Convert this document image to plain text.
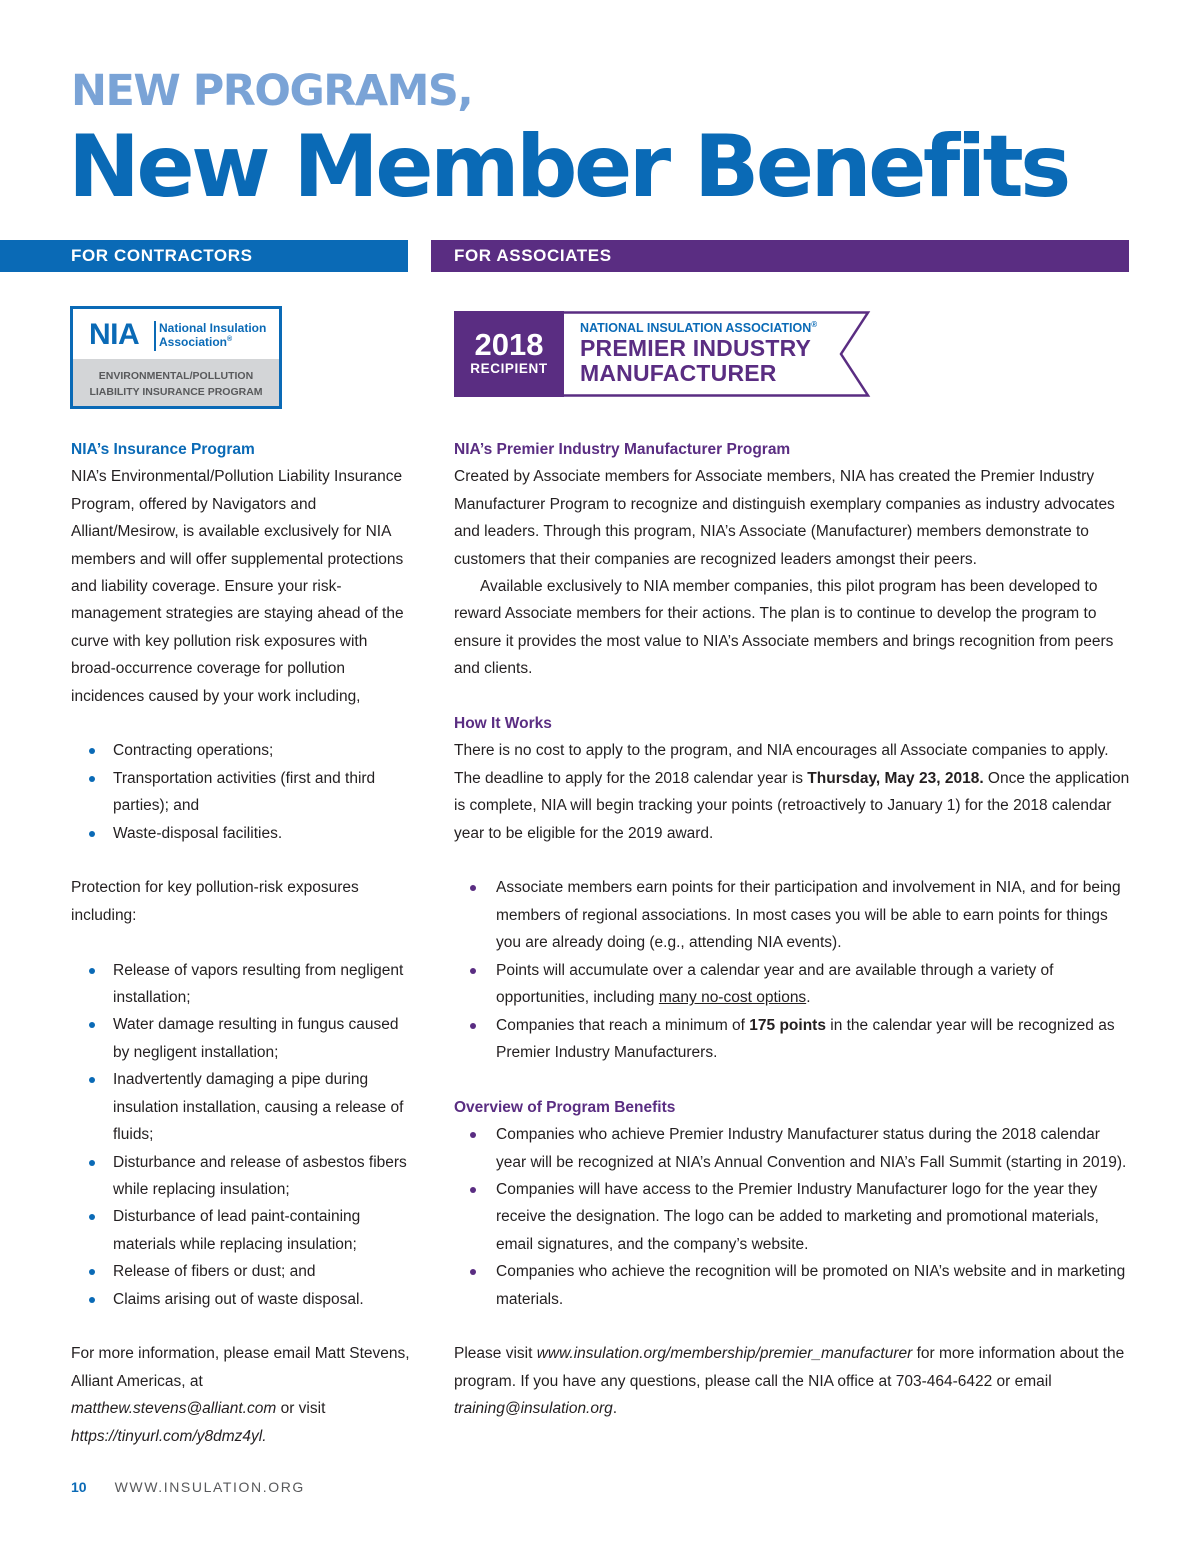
NEW PROGRAMS,
New Member Benefits
FOR CONTRACTORS	FOR ASSOCIATES
NIA National Insulation Association®
ENVIRONMENTAL/POLLUTION
LIABILITY INSURANCE PROGRAM
2018
RECIPIENT
NATIONAL INSULATION ASSOCIATION®
PREMIER INDUSTRY
MANUFACTURER

NIA’s Insurance Program

NIA’s Environmental/Pollution Liability Insurance Program, offered by Navigators and Alliant/Mesirow, is available exclusively for NIA members and will offer supplemental protections and liability coverage. Ensure your risk-management strategies are staying ahead of the curve with key pollution risk exposures with broad-occurrence coverage for pollution incidences caused by your work including,

Contracting operations;
Transportation activities (first and third parties); and
Waste-disposal facilities.

Protection for key pollution-risk exposures including:

Release of vapors resulting from negligent installation;
Water damage resulting in fungus caused by negligent installation;
Inadvertently damaging a pipe during insulation installation, causing a release of fluids;
Disturbance and release of asbestos fibers while replacing insulation;
Disturbance of lead paint-containing materials while replacing insulation;
Release of fibers or dust; and
Claims arising out of waste disposal.

For more information, please email Matt Stevens, Alliant Americas, at matthew.stevens@alliant.com or visit https://tinyurl.com/y8dmz4yl.

NIA’s Premier Industry Manufacturer Program

Created by Associate members for Associate members, NIA has created the Premier Industry Manufacturer Program to recognize and distinguish exemplary companies as industry advocates and leaders. Through this program, NIA’s Associate (Manufacturer) members demonstrate to customers that their companies are recognized leaders amongst their peers.

Available exclusively to NIA member companies, this pilot program has been developed to reward Associate members for their actions. The plan is to continue to develop the program to ensure it provides the most value to NIA’s Associate members and brings recognition from peers and clients.

How It Works

There is no cost to apply to the program, and NIA encourages all Associate companies to apply. The deadline to apply for the 2018 calendar year is Thursday, May 23, 2018. Once the application is complete, NIA will begin tracking your points (retroactively to January 1) for the 2018 calendar year to be eligible for the 2019 award.

Associate members earn points for their participation and involvement in NIA, and for being members of regional associations. In most cases you will be able to earn points for things you are already doing (e.g., attending NIA events).
Points will accumulate over a calendar year and are available through a variety of opportunities, including many no-cost options.
Companies that reach a minimum of 175 points in the calendar year will be recognized as Premier Industry Manufacturers.

Overview of Program Benefits

Companies who achieve Premier Industry Manufacturer status during the 2018 calendar year will be recognized at NIA’s Annual Convention and NIA’s Fall Summit (starting in 2019).
Companies will have access to the Premier Industry Manufacturer logo for the year they receive the designation. The logo can be added to marketing and promotional materials, email signatures, and the company’s website.
Companies who achieve the recognition will be promoted on NIA’s website and in marketing materials.

Please visit www.insulation.org/membership/premier_manufacturer for more information about the program. If you have any questions, please call the NIA office at 703-464-6422 or email training@insulation.org.

10 WWW.INSULATION.ORG
